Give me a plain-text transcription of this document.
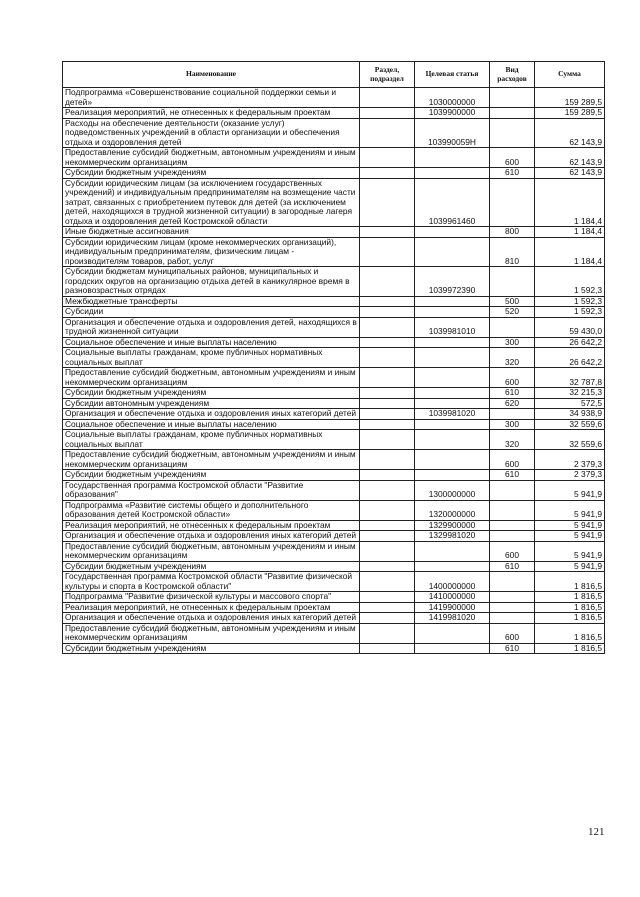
Наименование	Раздел, подраздел	Целевая статья	Вид расходов	Сумма
Подпрограмма «Совершенствование социальной поддержки семьи и детей»		1030000000		159 289,5
Реализация мероприятий, не отнесенных к федеральным проектам		1039900000		159 289,5
Расходы на обеспечение деятельности (оказание услуг) подведомственных учреждений в области организации и обеспечения отдыха и оздоровления детей		103990059Н		62 143,9
Предоставление субсидий бюджетным, автономным учреждениям и иным некоммерческим организациям			600	62 143,9
Субсидии бюджетным учреждениям			610	62 143,9
Субсидии юридическим лицам (за исключением государственных учреждений) и индивидуальным предпринимателям на возмещение части затрат, связанных с приобретением путевок для детей (за исключением детей, находящихся в трудной жизненной ситуации) в загородные лагеря отдыха и оздоровления детей Костромской области		1039961460		1 184,4
Иные бюджетные ассигнования			800	1 184,4
Субсидии юридическим лицам (кроме некоммерческих организаций), индивидуальным предпринимателям, физическим лицам - производителям товаров, работ, услуг			810	1 184,4
Субсидии бюджетам муниципальных районов, муниципальных и городских округов на организацию отдыха детей в каникулярное время в разновозрастных отрядах		1039972390		1 592,3
Межбюджетные трансферты			500	1 592,3
Субсидии			520	1 592,3
Организация и обеспечение отдыха и оздоровления детей, находящихся в трудной жизненной ситуации		1039981010		59 430,0
Социальное обеспечение и иные выплаты населению			300	26 642,2
Социальные выплаты гражданам, кроме публичных нормативных социальных выплат			320	26 642,2
Предоставление субсидий бюджетным, автономным учреждениям и иным некоммерческим организациям			600	32 787,8
Субсидии бюджетным учреждениям			610	32 215,3
Субсидии автономным учреждениям			620	572,5
Организация и обеспечение отдыха и оздоровления иных категорий детей		1039981020		34 938,9
Социальное обеспечение и иные выплаты населению			300	32 559,6
Социальные выплаты гражданам, кроме публичных нормативных социальных выплат			320	32 559,6
Предоставление субсидий бюджетным, автономным учреждениям и иным некоммерческим организациям			600	2 379,3
Субсидии бюджетным учреждениям			610	2 379,3
Государственная программа Костромской области "Развитие образования"		1300000000		5 941,9
Подпрограмма «Развитие системы общего и дополнительного образования детей Костромской области»		1320000000		5 941,9
Реализация мероприятий, не отнесенных к федеральным проектам		1329900000		5 941,9
Организация и обеспечение отдыха и оздоровления иных категорий детей		1329981020		5 941,9
Предоставление субсидий бюджетным, автономным учреждениям и иным некоммерческим организациям			600	5 941,9
Субсидии бюджетным учреждениям			610	5 941,9
Государственная программа Костромской области "Развитие физической культуры и спорта в Костромской области"		1400000000		1 816,5
Подпрограмма "Развитие физической культуры и массового спорта"		1410000000		1 816,5
Реализация мероприятий, не отнесенных к федеральным проектам		1419900000		1 816,5
Организация и обеспечение отдыха и оздоровления иных категорий детей		1419981020		1 816,5
Предоставление субсидий бюджетным, автономным учреждениям и иным некоммерческим организациям			600	1 816,5
Субсидии бюджетным учреждениям			610	1 816,5
121
